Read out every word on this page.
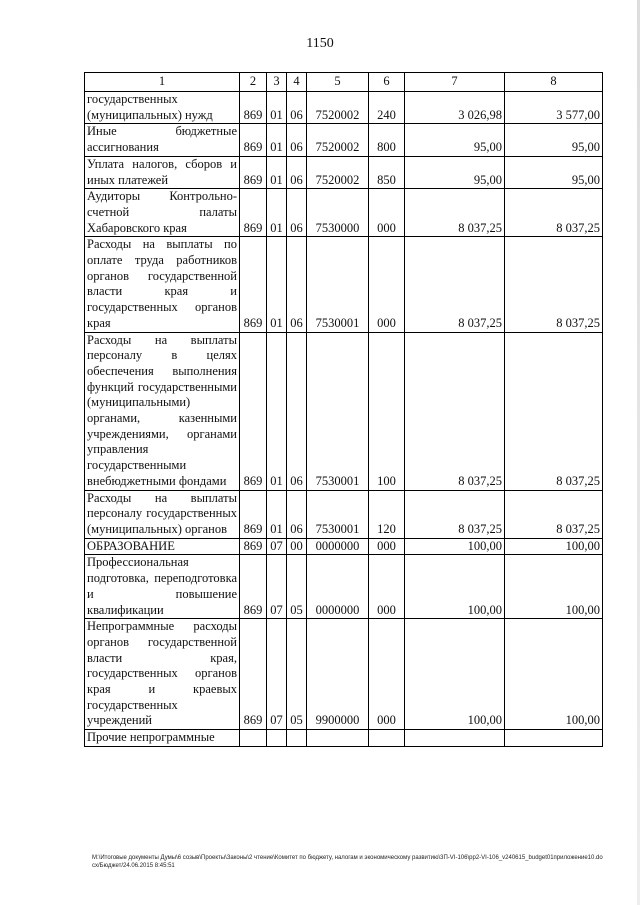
1150
1	2	3	4	5	6	7	8
государственных (муниципальных) нужд	869	01	06	7520002	240	3 026,98	3 577,00
Иные бюджетные ассигнования	869	01	06	7520002	800	95,00	95,00
Уплата налогов, сборов и иных платежей	869	01	06	7520002	850	95,00	95,00
Аудиторы Контрольно-счетной палаты Хабаровского края	869	01	06	7530000	000	8 037,25	8 037,25
Расходы на выплаты по оплате труда работников органов государственной власти края и государственных органов края	869	01	06	7530001	000	8 037,25	8 037,25
Расходы на выплаты персоналу в целях обеспечения выполнения функций государственными (муниципальными) органами, казенными учреждениями, органами управления государственными внебюджетными фондами	869	01	06	7530001	100	8 037,25	8 037,25
Расходы на выплаты персоналу государственных (муниципальных) органов	869	01	06	7530001	120	8 037,25	8 037,25
ОБРАЗОВАНИЕ	869	07	00	0000000	000	100,00	100,00
Профессиональная подготовка, переподготовка и повышение квалификации	869	07	05	0000000	000	100,00	100,00
Непрограммные расходы органов государственной власти края, государственных органов края и краевых государственных учреждений	869	07	05	9900000	000	100,00	100,00
Прочие непрограммные							
M:\Итоговые документы Думы\6 созыв\Проекты\Законы\2 чтение\Комитет по бюджету, налогам и экономическому развитию\3П-VI-106\рр2-VI-106_v240615_budget01приложение10.docx/Бюджет/24.06.2015 8:45:51
